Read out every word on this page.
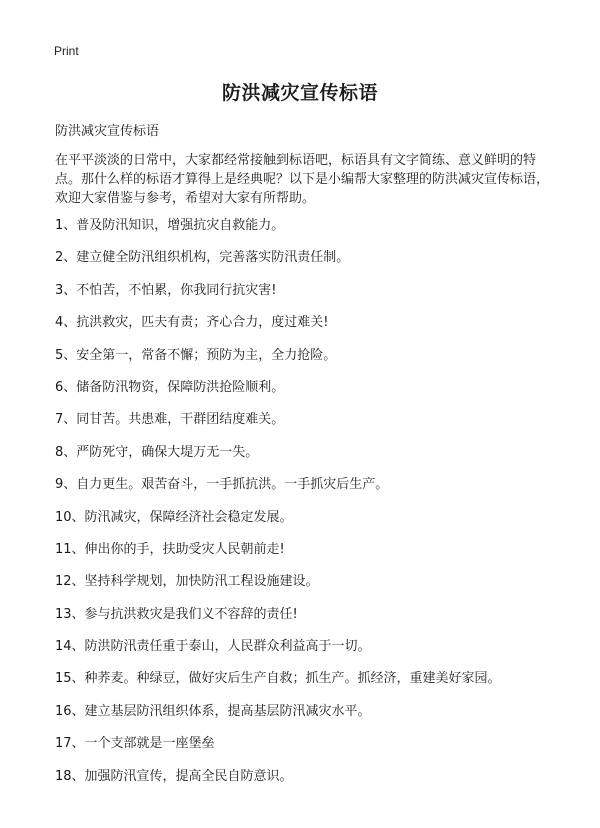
Print
防洪减灾宣传标语
防洪减灾宣传标语
在平平淡淡的日常中，大家都经常接触到标语吧，标语具有文字简练、意义鲜明的特点。那什么样的标语才算得上是经典呢？以下是小编帮大家整理的防洪减灾宣传标语，欢迎大家借鉴与参考，希望对大家有所帮助。
1、普及防汛知识，增强抗灾自救能力。
2、建立健全防汛组织机构，完善落实防汛责任制。
3、不怕苦，不怕累，你我同行抗灾害!
4、抗洪救灾，匹夫有责；齐心合力，度过难关!
5、安全第一，常备不懈；预防为主，全力抢险。
6、储备防汛物资，保障防洪抢险顺利。
7、同甘苦。共患难，干群团结度难关。
8、严防死守，确保大堤万无一失。
9、自力更生。艰苦奋斗，一手抓抗洪。一手抓灾后生产。
10、防汛减灾，保障经济社会稳定发展。
11、伸出你的手，扶助受灾人民朝前走!
12、坚持科学规划，加快防汛工程设施建设。
13、参与抗洪救灾是我们义不容辞的责任!
14、防洪防汛责任重于泰山，人民群众利益高于一切。
15、种荞麦。种绿豆，做好灾后生产自救；抓生产。抓经济，重建美好家园。
16、建立基层防汛组织体系，提高基层防汛减灾水平。
17、一个支部就是一座堡垒
18、加强防汛宣传，提高全民自防意识。
